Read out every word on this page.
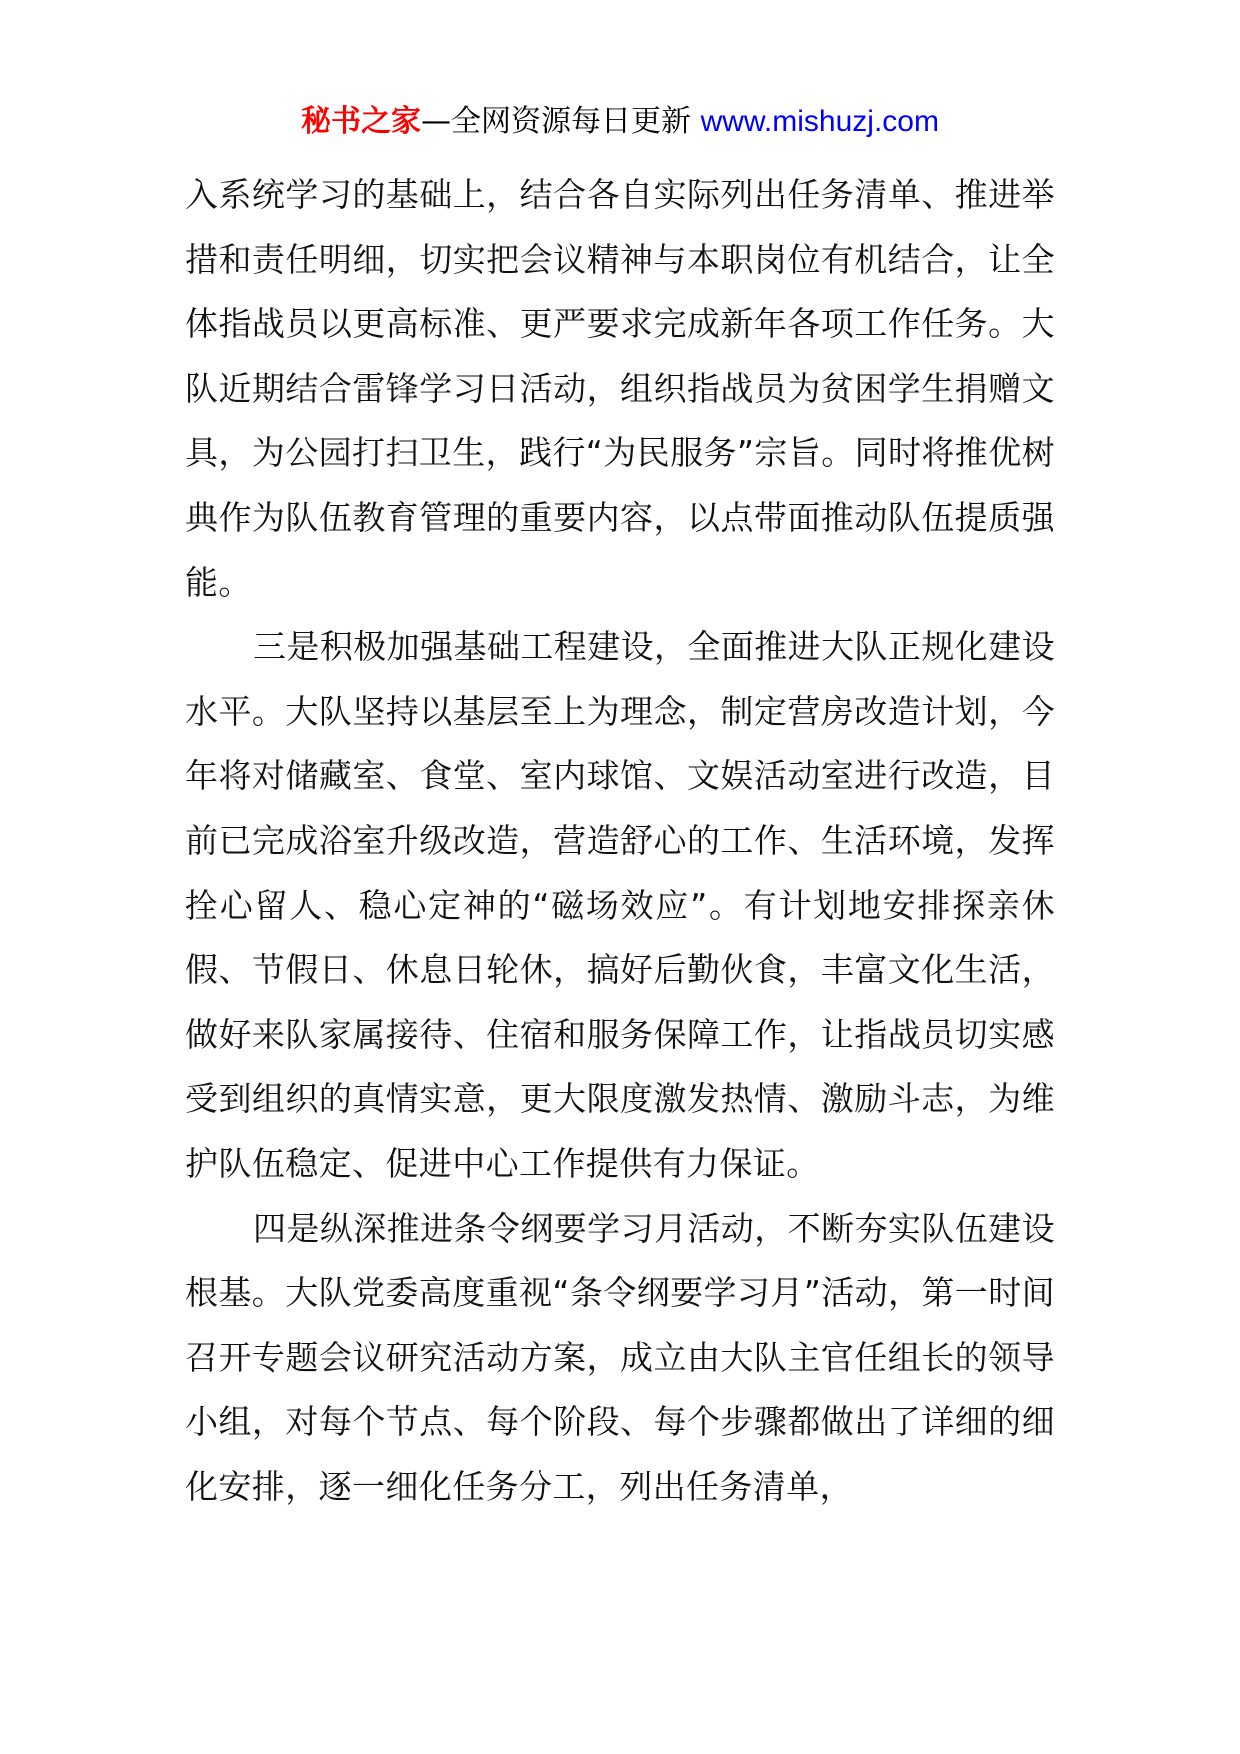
秘书之家—全网资源每日更新 www.mishuzj.com

入系统学习的基础上，结合各自实际列出任务清单、推进举措和责任明细，切实把会议精神与本职岗位有机结合，让全体指战员以更高标准、更严要求完成新年各项工作任务。大队近期结合雷锋学习日活动，组织指战员为贫困学生捐赠文具，为公园打扫卫生，践行“为民服务”宗旨。同时将推优树典作为队伍教育管理的重要内容，以点带面推动队伍提质强能。

三是积极加强基础工程建设，全面推进大队正规化建设水平。大队坚持以基层至上为理念，制定营房改造计划，今年将对储藏室、食堂、室内球馆、文娱活动室进行改造，目前已完成浴室升级改造，营造舒心的工作、生活环境，发挥拴心留人、稳心定神的“磁场效应”。有计划地安排探亲休假、节假日、休息日轮休，搞好后勤伙食，丰富文化生活，做好来队家属接待、住宿和服务保障工作，让指战员切实感受到组织的真情实意，更大限度激发热情、激励斗志，为维护队伍稳定、促进中心工作提供有力保证。

四是纵深推进条令纲要学习月活动，不断夯实队伍建设根基。大队党委高度重视“条令纲要学习月”活动，第一时间召开专题会议研究活动方案，成立由大队主官任组长的领导小组，对每个节点、每个阶段、每个步骤都做出了详细的细化安排，逐一细化任务分工，列出任务清单，
